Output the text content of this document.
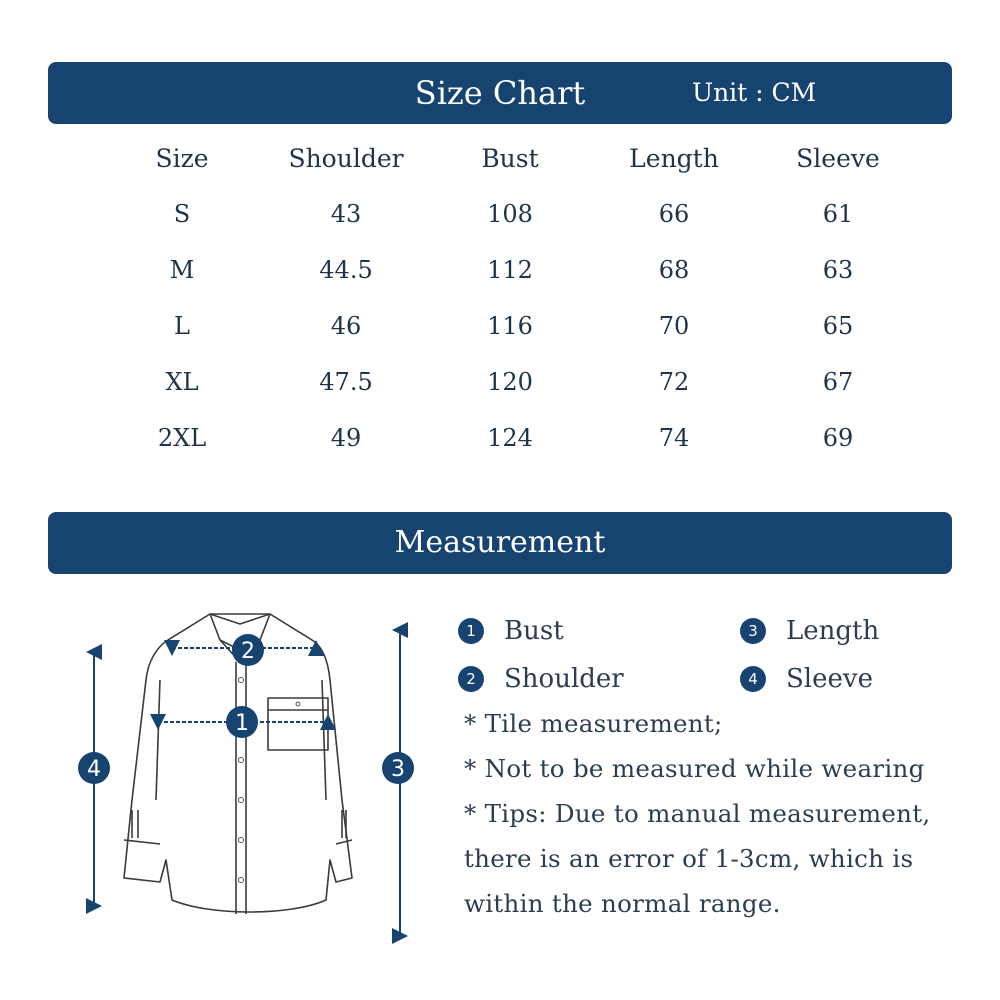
Size Chart	Unit : CM
Size	Shoulder	Bust	Length	Sleeve
S	43	108	66	61
M	44.5	112	68	63
L	46	116	70	65
XL	47.5	120	72	67
2XL	49	124	74	69
Measurement
2
1
4	3
1 Bust	3 Length
2 Shoulder	4 Sleeve
* Tile measurement;
* Not to be measured while wearing
* Tips: Due to manual measurement,
there is an error of 1-3cm, which is
within the normal range.
